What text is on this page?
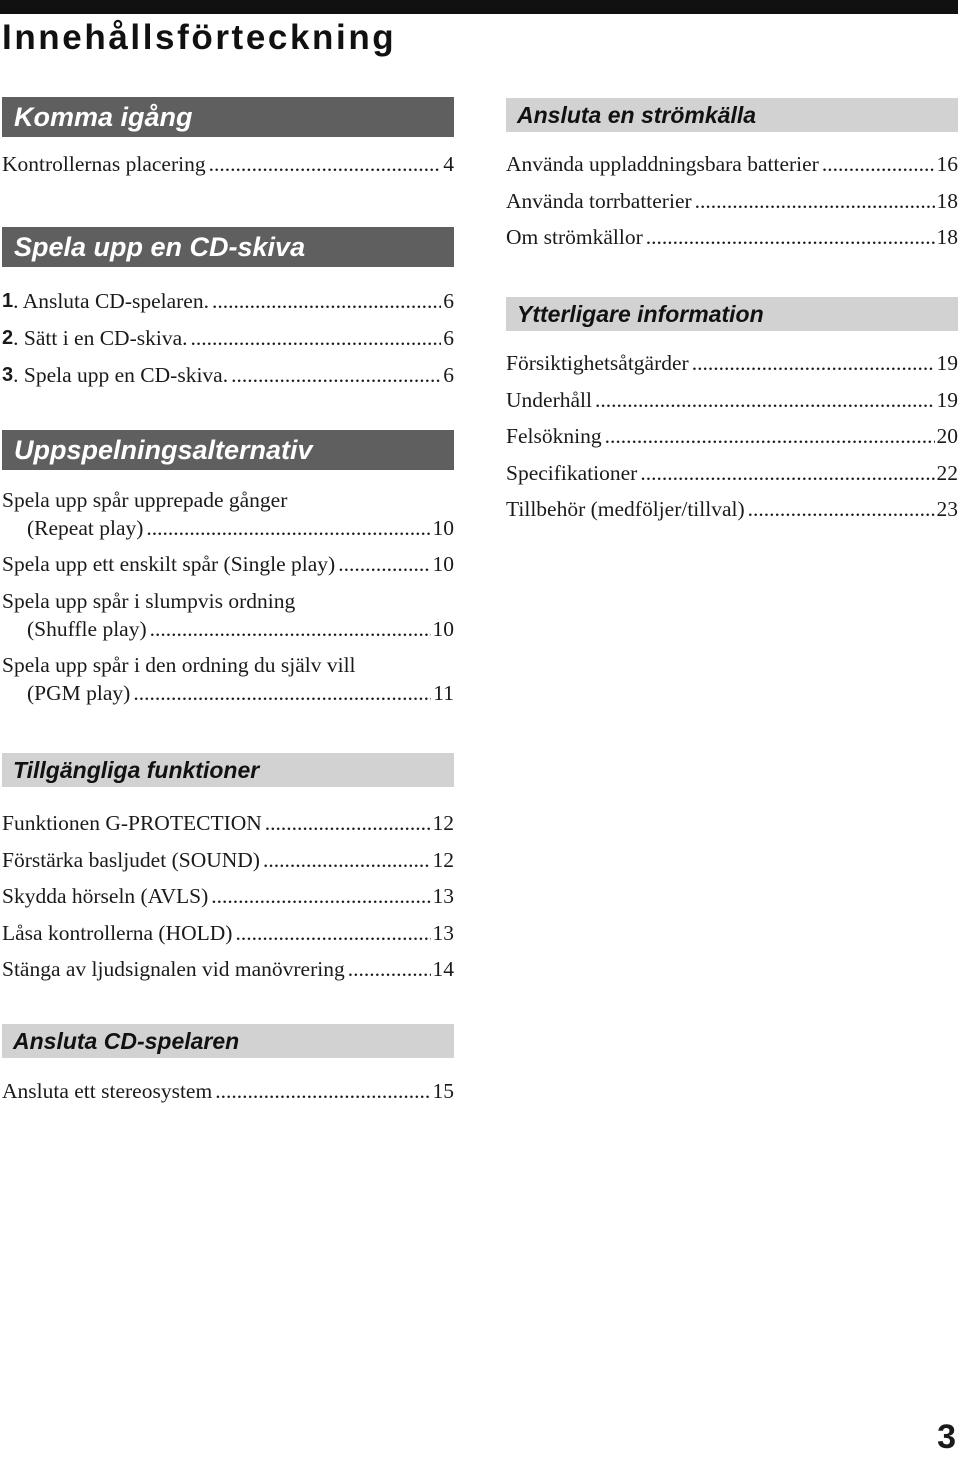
Innehållsförteckning
Komma igång
Kontrollernas placering .....	4
Spela upp en CD-skiva
1 . Ansluta CD-spelaren. .....	6
2 . Sätt i en CD-skiva. .....	6
3 . Spela upp en CD-skiva. .....	6
Uppspelningsalternativ
Spela upp spår upprepade gånger
(Repeat play) .....	10
Spela upp ett enskilt spår (Single play) .....	10
Spela upp spår i slumpvis ordning
(Shuffle play) .....	10
Spela upp spår i den ordning du själv vill
(PGM play) .....	11
Tillgängliga funktioner
Funktionen G-PROTECTION .....	12
Förstärka basljudet (SOUND) .....	12
Skydda hörseln (AVLS) .....	13
Låsa kontrollerna (HOLD) .....	13
Stänga av ljudsignalen vid manövrering .....	14
Ansluta CD-spelaren
Ansluta ett stereosystem .....	15
Ansluta en strömkälla
Använda uppladdningsbara batterier .....	16
Använda torrbatterier .....	18
Om strömkällor .....	18
Ytterligare information
Försiktighetsåtgärder .....	19
Underhåll .....	19
Felsökning .....	20
Specifikationer .....	22
Tillbehör (medföljer/tillval) .....	23
3
